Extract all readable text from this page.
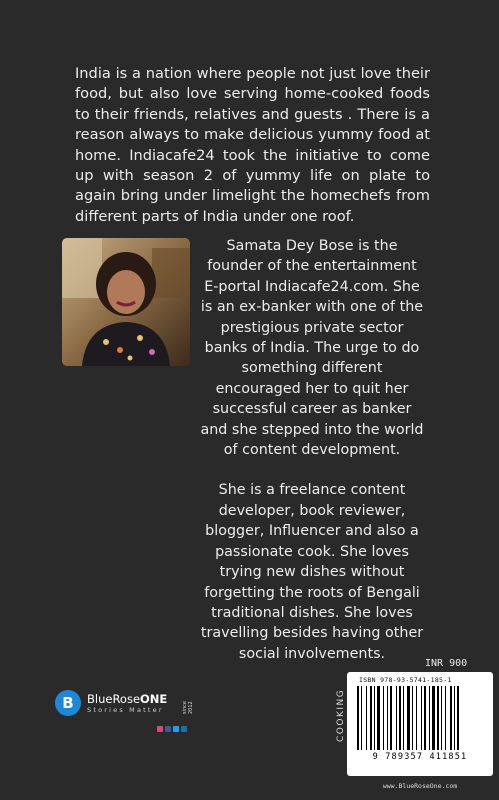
India is a nation where people not just love their food, but also love serving home-cooked foods to their friends, relatives and guests . There is a reason always to make delicious yummy food at home. Indiacafe24 took the initiative to come up with season 2 of yummy life on plate to again bring under limelight the homechefs from different parts of India under one roof.

Samata Dey Bose is the founder of the entertainment E-portal Indiacafe24.com. She is an ex-banker with one of the prestigious private sector banks of India. The urge to do something different encouraged her to quit her successful career as banker and she stepped into the world of content development.

She is a freelance content developer, book reviewer, blogger, Influencer and also a passionate cook. She loves trying new dishes without forgetting the roots of Bengali traditional dishes. She loves travelling besides having other social involvements.

B	BlueRoseONE
Stories Matter	since 2012
INR 900
COOKING
ISBN 978-93-5741-185-1
9 789357 411851
www.BlueRoseOne.com
